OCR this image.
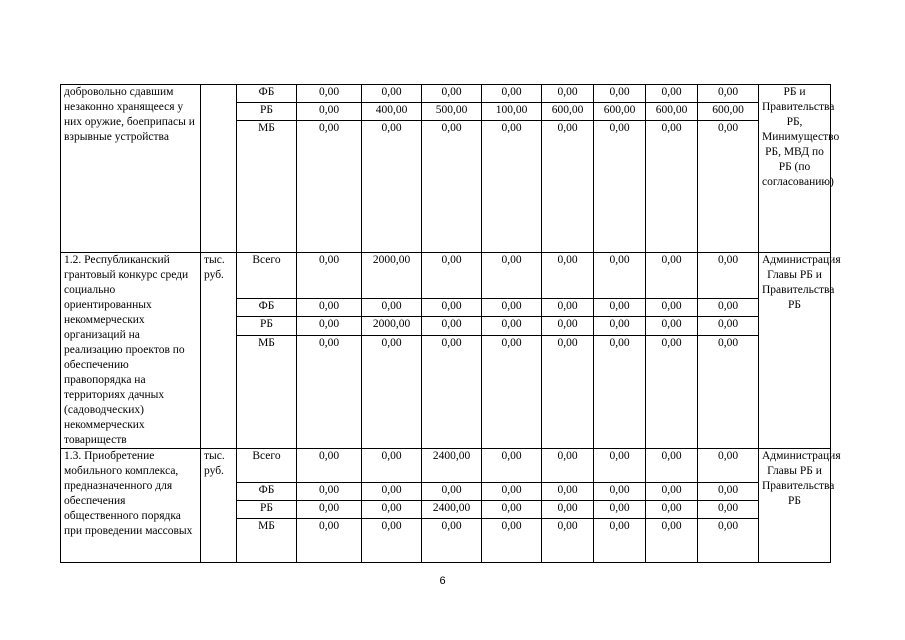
добровольно сдавшим незаконно хранящееся у них оружие, боеприпасы и взрывные устройства		ФБ	0,00	0,00	0,00	0,00	0,00	0,00	0,00	0,00	РБ и Правительства РБ, Минимущество РБ, МВД по РБ (по согласованию)
		РБ	0,00	400,00	500,00	100,00	600,00	600,00	600,00	600,00	
		МБ	0,00	0,00	0,00	0,00	0,00	0,00	0,00	0,00	
1.2. Республиканский грантовый конкурс среди социально ориентированных некоммерческих организаций на реализацию проектов по обеспечению правопорядка на территориях дачных (садоводческих) некоммерческих товариществ	тыс. руб.	Всего	0,00	2000,00	0,00	0,00	0,00	0,00	0,00	0,00	Администрация Главы РБ и Правительства РБ
		ФБ	0,00	0,00	0,00	0,00	0,00	0,00	0,00	0,00	
		РБ	0,00	2000,00	0,00	0,00	0,00	0,00	0,00	0,00	
		МБ	0,00	0,00	0,00	0,00	0,00	0,00	0,00	0,00	
1.3. Приобретение мобильного комплекса, предназначенного для обеспечения общественного порядка при проведении массовых	тыс. руб.	Всего	0,00	0,00	2400,00	0,00	0,00	0,00	0,00	0,00	Администрация Главы РБ и Правительства РБ
		ФБ	0,00	0,00	0,00	0,00	0,00	0,00	0,00	0,00	
		РБ	0,00	0,00	2400,00	0,00	0,00	0,00	0,00	0,00	
		МБ	0,00	0,00	0,00	0,00	0,00	0,00	0,00	0,00	
6
